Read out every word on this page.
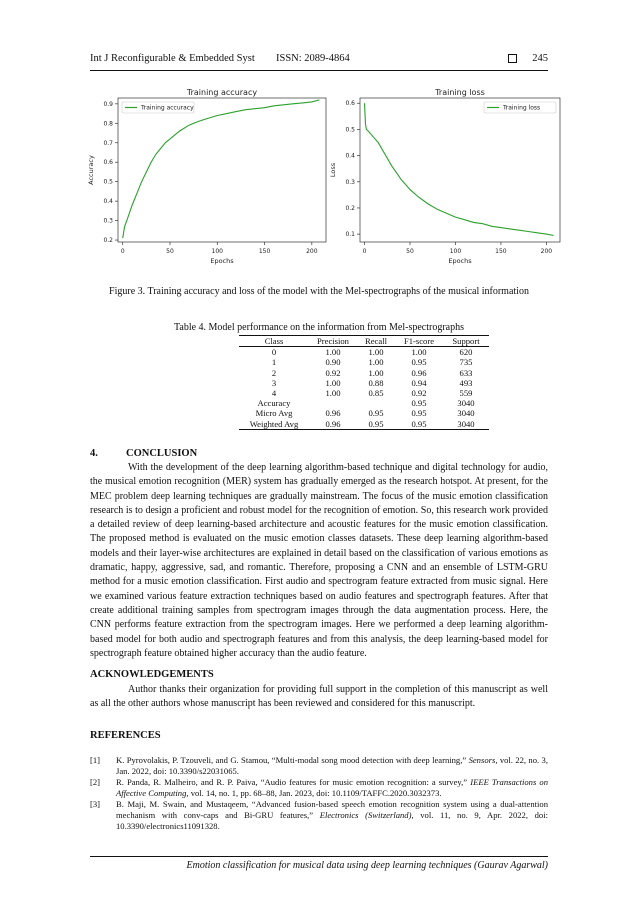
Int J Reconfigurable & Embedded Syst ISSN: 2089-4864	245
Training accuracy
0	50	100	150	200
0.2
0.3
0.4
0.5
0.6
0.7
0.8
0.9
Epochs
Accuracy
Training accuracy
Training loss
0	50	100	150	200
0.1
0.2
0.3
0.4
0.5
0.6
Epochs
Loss
Training loss
Figure 3. Training accuracy and loss of the model with the Mel-spectrographs of the musical information
Table 4. Model performance on the information from Mel-spectrographs
Class	Precision	Recall	F1-score	Support
0	1.00	1.00	1.00	620
1	0.90	1.00	0.95	735
2	0.92	1.00	0.96	633
3	1.00	0.88	0.94	493
4	1.00	0.85	0.92	559
Accuracy			0.95	3040
Micro Avg	0.96	0.95	0.95	3040
Weighted Avg	0.96	0.95	0.95	3040
4.	CONCLUSION

With the development of the deep learning algorithm-based technique and digital technology for audio, the musical emotion recognition (MER) system has gradually emerged as the research hotspot. At present, for the MEC problem deep learning techniques are gradually mainstream. The focus of the music emotion classification research is to design a proficient and robust model for the recognition of emotion. So, this research work provided a detailed review of deep learning-based architecture and acoustic features for the music emotion classification. The proposed method is evaluated on the music emotion classes datasets. These deep learning algorithm-based models and their layer-wise architectures are explained in detail based on the classification of various emotions as dramatic, happy, aggressive, sad, and romantic. Therefore, proposing a CNN and an ensemble of LSTM-GRU method for a music emotion classification. First audio and spectrogram feature extracted from music signal. Here we examined various feature extraction techniques based on audio features and spectrograph features. After that create additional training samples from spectrogram images through the data augmentation process. Here, the CNN performs feature extraction from the spectrogram images. Here we performed a deep learning algorithm-based model for both audio and spectrograph features and from this analysis, the deep learning-based model for spectrograph feature obtained higher accuracy than the audio feature.

ACKNOWLEDGEMENTS

Author thanks their organization for providing full support in the completion of this manuscript as well as all the other authors whose manuscript has been reviewed and considered for this manuscript.

REFERENCES
[1] K. Pyrovolakis, P. Tzouveli, and G. Stamou, “Multi-modal song mood detection with deep learning,” Sensors, vol. 22, no. 3, Jan. 2022, doi: 10.3390/s22031065.
[2] R. Panda, R. Malheiro, and R. P. Paiva, “Audio features for music emotion recognition: a survey,” IEEE Transactions on Affective Computing, vol. 14, no. 1, pp. 68–88, Jan. 2023, doi: 10.1109/TAFFC.2020.3032373.
[3] B. Maji, M. Swain, and Mustaqeem, “Advanced fusion-based speech emotion recognition system using a dual-attention mechanism with conv-caps and Bi-GRU features,” Electronics (Switzerland), vol. 11, no. 9, Apr. 2022, doi: 10.3390/electronics11091328.
Emotion classification for musical data using deep learning techniques (Gaurav Agarwal)
